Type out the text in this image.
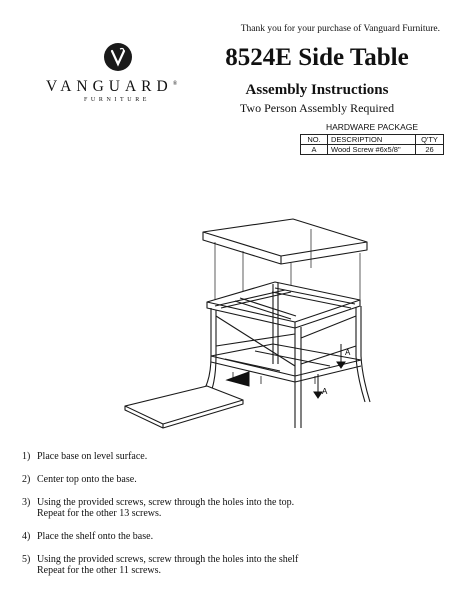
Thank you for your purchase of Vanguard Furniture.
VANGUARD®
FURNITURE
8524E Side Table
Assembly Instructions
Two Person Assembly Required
HARDWARE PACKAGE
NO.	DESCRIPTION	Q'TY
A	Wood Screw #6x5/8"	26
A
A
1) Place base on level surface.
2) Center top onto the base.
3) Using the provided screws, screw through the holes into the top.
Repeat for the other 13 screws.
4) Place the shelf onto the base.
5) Using the provided screws, screw through the holes into the shelf
Repeat for the other 11 screws.
